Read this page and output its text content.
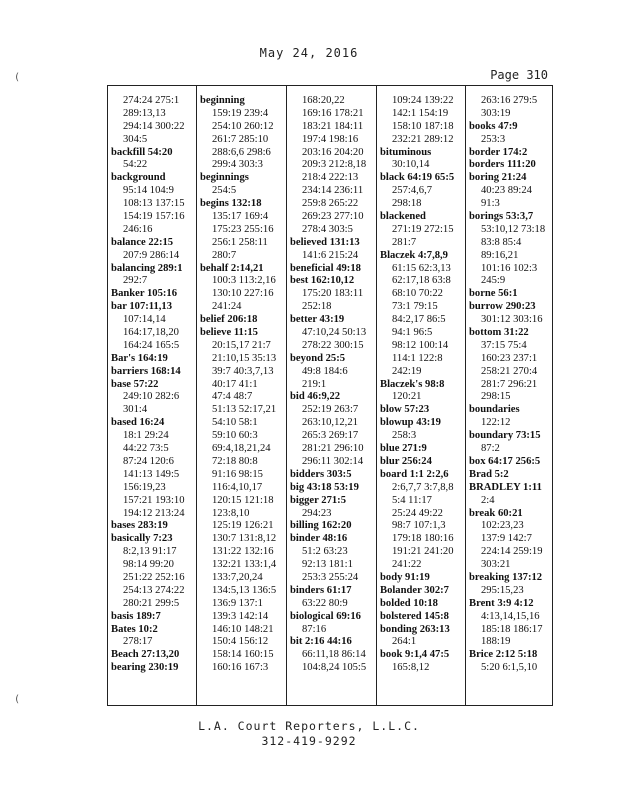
May 24, 2016
Page 310
(
(
274:24 275:1
289:13,13
294:14 300:22
304:5
backfill 54:20
54:22
background
95:14 104:9
108:13 137:15
154:19 157:16
246:16
balance 22:15
207:9 286:14
balancing 289:1
292:7
Banker 105:16
bar 107:11,13
107:14,14
164:17,18,20
164:24 165:5
Bar's 164:19
barriers 168:14
base 57:22
249:10 282:6
301:4
based 16:24
18:1 29:24
44:22 73:5
87:24 120:6
141:13 149:5
156:19,23
157:21 193:10
194:12 213:24
bases 283:19
basically 7:23
8:2,13 91:17
98:14 99:20
251:22 252:16
254:13 274:22
280:21 299:5
basis 189:7
Bates 10:2
278:17
Beach 27:13,20
bearing 230:19
beginning
159:19 239:4
254:10 260:12
261:7 285:10
288:6,6 298:6
299:4 303:3
beginnings
254:5
begins 132:18
135:17 169:4
175:23 255:16
256:1 258:11
280:7
behalf 2:14,21
100:3 113:2,16
130:10 227:16
241:24
belief 206:18
believe 11:15
20:15,17 21:7
21:10,15 35:13
39:7 40:3,7,13
40:17 41:1
47:4 48:7
51:13 52:17,21
54:10 58:1
59:10 60:3
69:4,18,21,24
72:18 80:8
91:16 98:15
116:4,10,17
120:15 121:18
123:8,10
125:19 126:21
130:7 131:8,12
131:22 132:16
132:21 133:1,4
133:7,20,24
134:5,13 136:5
136:9 137:1
139:3 142:14
146:10 148:21
150:4 156:12
158:14 160:15
160:16 167:3
168:20,22
169:16 178:21
183:21 184:11
197:4 198:16
203:16 204:20
209:3 212:8,18
218:4 222:13
234:14 236:11
259:8 265:22
269:23 277:10
278:4 303:5
believed 131:13
141:6 215:24
beneficial 49:18
best 162:10,12
175:20 183:11
252:18
better 43:19
47:10,24 50:13
278:22 300:15
beyond 25:5
49:8 184:6
219:1
bid 46:9,22
252:19 263:7
263:10,12,21
265:3 269:17
281:21 296:10
296:11 302:14
bidders 303:5
big 43:18 53:19
bigger 271:5
294:23
billing 162:20
binder 48:16
51:2 63:23
92:13 181:1
253:3 255:24
binders 61:17
63:22 80:9
biological 69:16
87:16
bit 2:16 44:16
66:11,18 86:14
104:8,24 105:5
109:24 139:22
142:1 154:19
158:10 187:18
232:21 289:12
bituminous
30:10,14
black 64:19 65:5
257:4,6,7
298:18
blackened
271:19 272:15
281:7
Blaczek 4:7,8,9
61:15 62:3,13
62:17,18 63:8
68:10 70:22
73:1 79:15
84:2,17 86:5
94:1 96:5
98:12 100:14
114:1 122:8
242:19
Blaczek's 98:8
120:21
blow 57:23
blowup 43:19
258:3
blue 271:9
blur 256:24
board 1:1 2:2,6
2:6,7,7 3:7,8,8
5:4 11:17
25:24 49:22
98:7 107:1,3
179:18 180:16
191:21 241:20
241:22
body 91:19
Bolander 302:7
bolded 10:18
bolstered 145:8
bonding 263:13
264:1
book 9:1,4 47:5
165:8,12
263:16 279:5
303:19
books 47:9
253:3
border 174:2
borders 111:20
boring 21:24
40:23 89:24
91:3
borings 53:3,7
53:10,12 73:18
83:8 85:4
89:16,21
101:16 102:3
245:9
borne 56:1
burrow 290:23
301:12 303:16
bottom 31:22
37:15 75:4
160:23 237:1
258:21 270:4
281:7 296:21
298:15
boundaries
122:12
boundary 73:15
87:2
box 64:17 256:5
Brad 5:2
BRADLEY 1:11
2:4
break 60:21
102:23,23
137:9 142:7
224:14 259:19
303:21
breaking 137:12
295:15,23
Brent 3:9 4:12
4:13,14,15,16
185:18 186:17
188:19
Brice 2:12 5:18
5:20 6:1,5,10
L.A. Court Reporters, L.L.C.
312-419-9292
